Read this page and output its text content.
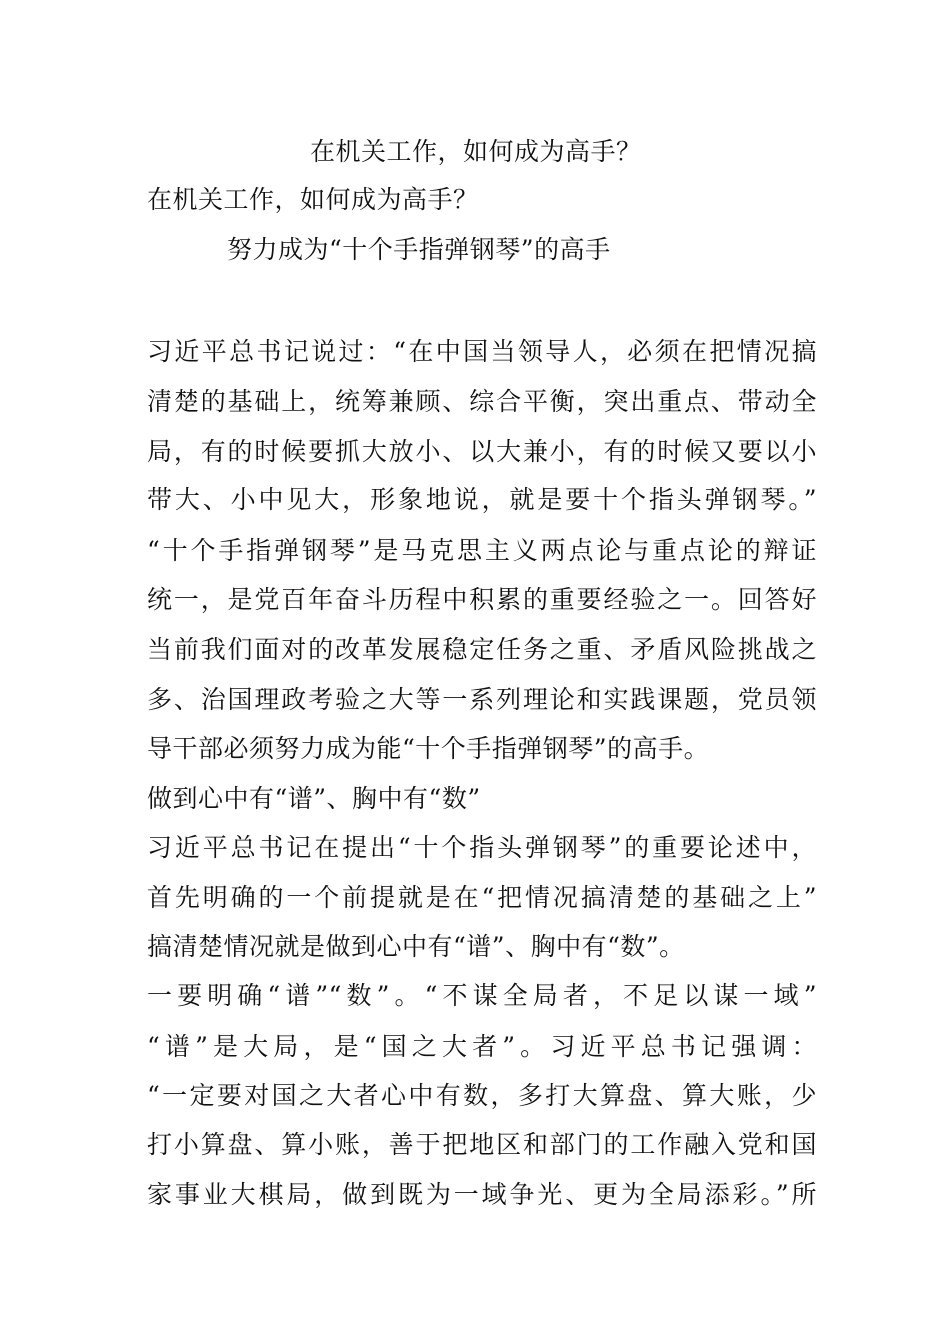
在机关工作，如何成为高手？
在机关工作，如何成为高手？
努力成为“十个手指弹钢琴”的高手
习近平总书记说过：“在中国当领导人，必须在把情况搞
清楚的基础上，统筹兼顾、综合平衡，突出重点、带动全
局，有的时候要抓大放小、以大兼小，有的时候又要以小
带大、小中见大，形象地说，就是要十个指头弹钢琴。”
“十个手指弹钢琴”是马克思主义两点论与重点论的辩证
统一，是党百年奋斗历程中积累的重要经验之一。回答好
当前我们面对的改革发展稳定任务之重、矛盾风险挑战之
多、治国理政考验之大等一系列理论和实践课题，党员领
导干部必须努力成为能“十个手指弹钢琴”的高手。
做到心中有“谱”、胸中有“数”
习近平总书记在提出“十个指头弹钢琴”的重要论述中，
首先明确的一个前提就是在“把情况搞清楚的基础之上”
搞清楚情况就是做到心中有“谱”、胸中有“数”。
一要明确“谱”“数”。“不谋全局者，不足以谋一域”
“谱”是大局，是“国之大者”。习近平总书记强调：
“一定要对国之大者心中有数，多打大算盘、算大账，少
打小算盘、算小账，善于把地区和部门的工作融入党和国
家事业大棋局，做到既为一域争光、更为全局添彩。”所
